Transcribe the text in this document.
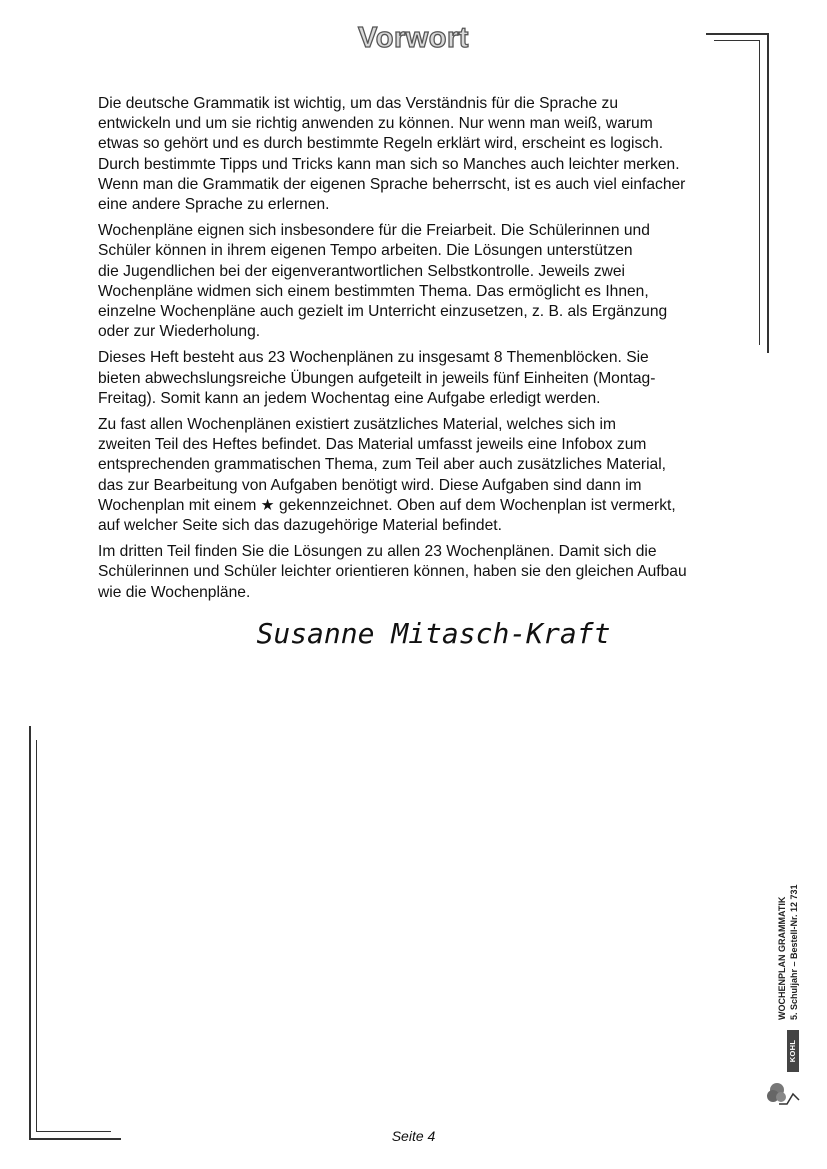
Vorwort

Die deutsche Grammatik ist wichtig, um das Verständnis für die Sprache zu
entwickeln und um sie richtig anwenden zu können. Nur wenn man weiß, warum
etwas so gehört und es durch bestimmte Regeln erklärt wird, erscheint es logisch.
Durch bestimmte Tipps und Tricks kann man sich so Manches auch leichter merken.
Wenn man die Grammatik der eigenen Sprache beherrscht, ist es auch viel einfacher
eine andere Sprache zu erlernen.

Wochenpläne eignen sich insbesondere für die Freiarbeit. Die Schülerinnen und
Schüler können in ihrem eigenen Tempo arbeiten. Die Lösungen unterstützen
die Jugendlichen bei der eigenverantwortlichen Selbstkontrolle. Jeweils zwei
Wochenpläne widmen sich einem bestimmten Thema. Das ermöglicht es Ihnen,
einzelne Wochenpläne auch gezielt im Unterricht einzusetzen, z. B. als Ergänzung
oder zur Wiederholung.

Dieses Heft besteht aus 23 Wochenplänen zu insgesamt 8 Themenblöcken. Sie
bieten abwechslungsreiche Übungen aufgeteilt in jeweils fünf Einheiten (Montag-
Freitag). Somit kann an jedem Wochentag eine Aufgabe erledigt werden.

Zu fast allen Wochenplänen existiert zusätzliches Material, welches sich im
zweiten Teil des Heftes befindet. Das Material umfasst jeweils eine Infobox zum
entsprechenden grammatischen Thema, zum Teil aber auch zusätzliches Material,
das zur Bearbeitung von Aufgaben benötigt wird. Diese Aufgaben sind dann im
Wochenplan mit einem ★ gekennzeichnet. Oben auf dem Wochenplan ist vermerkt,
auf welcher Seite sich das dazugehörige Material befindet.

Im dritten Teil finden Sie die Lösungen zu allen 23 Wochenplänen. Damit sich die
Schülerinnen und Schüler leichter orientieren können, haben sie den gleichen Aufbau
wie die Wochenpläne.

Susanne Mitasch-Kraft
WOCHENPLAN GRAMMATIK 5. Schuljahr – Bestell-Nr. 12 731
KOHL VERLAG
Seite 4
